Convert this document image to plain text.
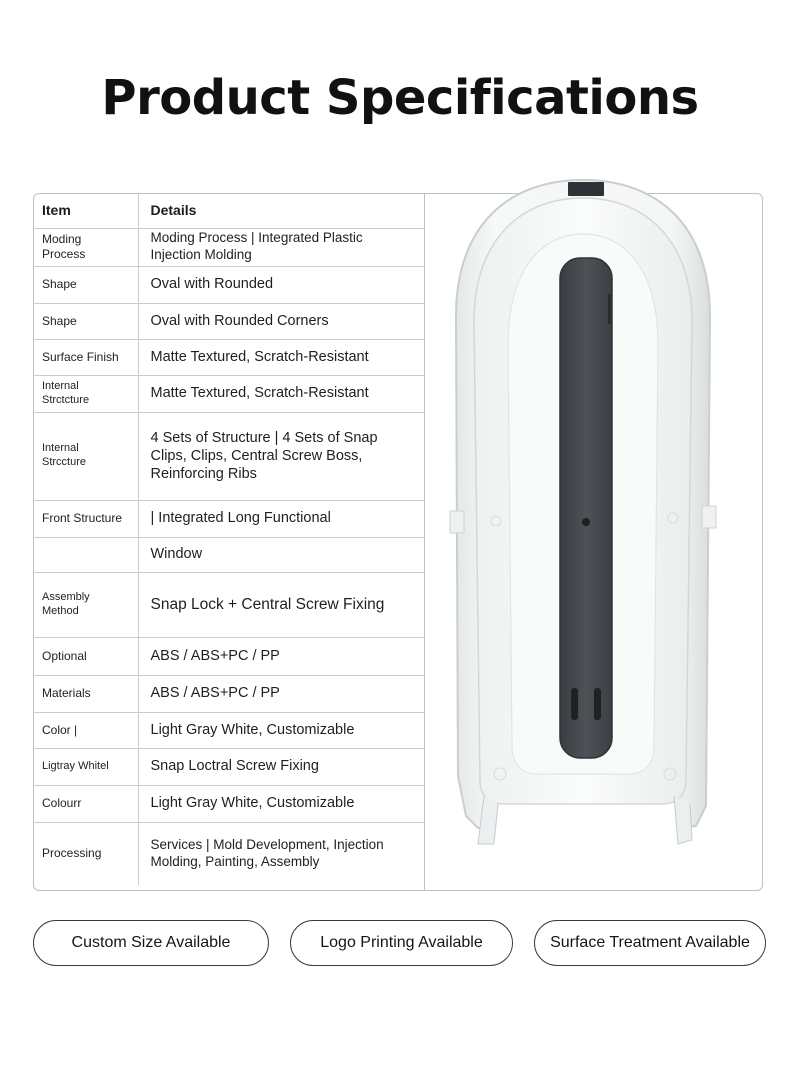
Product Specifications
Item	Details
Moding Process	Moding Process | Integrated Plastic Injection Molding
Shape	Oval with Rounded
Shape	Oval with Rounded Corners
Surface Finish	Matte Textured, Scratch-Resistant
Internal Strctcture	Matte Textured, Scratch-Resistant
Internal Strccture	4 Sets of Structure | 4 Sets of Snap Clips, Clips, Central Screw Boss, Reinforcing Ribs
Front Structure	| Integrated Long Functional
	Window
Assembly Method	Snap Lock + Central Screw Fixing
Optional	ABS / ABS+PC / PP
Materials	ABS / ABS+PC / PP
Color |	Light Gray White, Customizable
Ligtray Whitel	Snap Loctral Screw Fixing
Colourr	Light Gray White, Customizable
Processing	Services | Mold Development, Injection Molding, Painting, Assembly
Custom Size Available	Logo Printing Available	Surface Treatment Available
